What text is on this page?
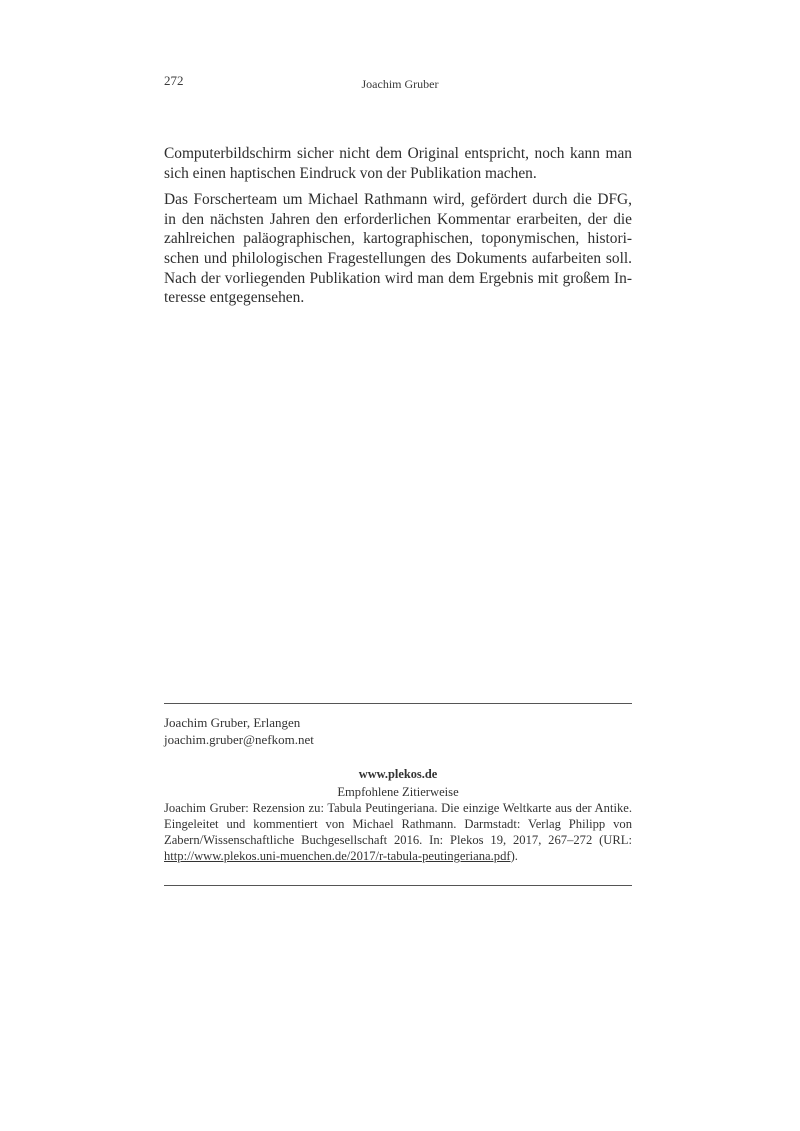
272	Joachim Gruber

Computerbildschirm sicher nicht dem Original entspricht, noch kann man sich einen haptischen Eindruck von der Publikation machen.

Das Forscherteam um Michael Rathmann wird, gefördert durch die DFG, in den nächsten Jahren den erforderlichen Kommentar erarbeiten, der die zahlreichen paläographischen, kartographischen, toponymischen, historischen und philologischen Fragestellungen des Dokuments aufarbeiten soll. Nach der vorliegenden Publikation wird man dem Ergebnis mit großem Interesse entgegensehen.

Joachim Gruber, Erlangen
joachim.gruber@nefkom.net
www.plekos.de
Empfohlene Zitierweise
Joachim Gruber: Rezension zu: Tabula Peutingeriana. Die einzige Weltkarte aus der Antike. Eingeleitet und kommentiert von Michael Rathmann. Darmstadt: Verlag Philipp von Zabern/Wissenschaftliche Buchgesellschaft 2016. In: Plekos 19, 2017, 267–272 (URL: http://www.plekos.uni-muenchen.de/2017/r-tabula-peutingeriana.pdf).
